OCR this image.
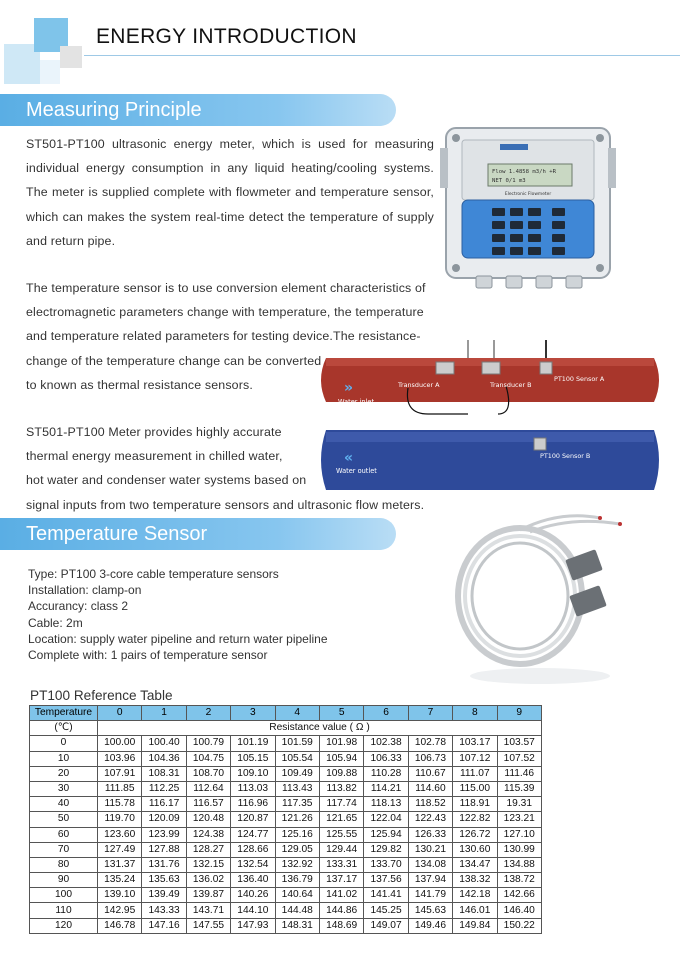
ENERGY INTRODUCTION
Measuring Principle

ST501-PT100 ultrasonic energy meter, which is used for measuring individual energy consumption in any liquid heating/cooling systems. The meter is supplied complete with flowmeter and temperature sensor, which can makes the system real-time detect the temperature of supply and return pipe.

The temperature sensor is to use conversion element characteristics of
electromagnetic parameters change with temperature, the temperature
and temperature related parameters for testing device.The resistance-
change of the temperature change can be converted
to known as thermal resistance sensors.

ST501-PT100 Meter provides highly accurate
thermal energy measurement in chilled water,
hot water and condenser water systems based on
signal inputs from two temperature sensors and ultrasonic flow meters.

Flow 1.4858 m3/h +R
NET 0/1 m3
Electronic Flowmeter
»
Water inlet
«
Water outlet
Transducer A	Transducer B
PT100 Sensor A
PT100 Sensor B
Temperature Sensor
Type: PT100 3-core cable temperature sensors
Installation: clamp-on
Accurancy: class 2
Cable: 2m
Location: supply water pipeline and return water pipeline
Complete with: 1 pairs of temperature sensor
PT100 Reference Table
Temperature	0	1	2	3	4	5	6	7	8	9
(℃)	Resistance value ( Ω )									
0	100.00	100.40	100.79	101.19	101.59	101.98	102.38	102.78	103.17	103.57
10	103.96	104.36	104.75	105.15	105.54	105.94	106.33	106.73	107.12	107.52
20	107.91	108.31	108.70	109.10	109.49	109.88	110.28	110.67	111.07	111.46
30	111.85	112.25	112.64	113.03	113.43	113.82	114.21	114.60	115.00	115.39
40	115.78	116.17	116.57	116.96	117.35	117.74	118.13	118.52	118.91	19.31
50	119.70	120.09	120.48	120.87	121.26	121.65	122.04	122.43	122.82	123.21
60	123.60	123.99	124.38	124.77	125.16	125.55	125.94	126.33	126.72	127.10
70	127.49	127.88	128.27	128.66	129.05	129.44	129.82	130.21	130.60	130.99
80	131.37	131.76	132.15	132.54	132.92	133.31	133.70	134.08	134.47	134.88
90	135.24	135.63	136.02	136.40	136.79	137.17	137.56	137.94	138.32	138.72
100	139.10	139.49	139.87	140.26	140.64	141.02	141.41	141.79	142.18	142.66
110	142.95	143.33	143.71	144.10	144.48	144.86	145.25	145.63	146.01	146.40
120	146.78	147.16	147.55	147.93	148.31	148.69	149.07	149.46	149.84	150.22
